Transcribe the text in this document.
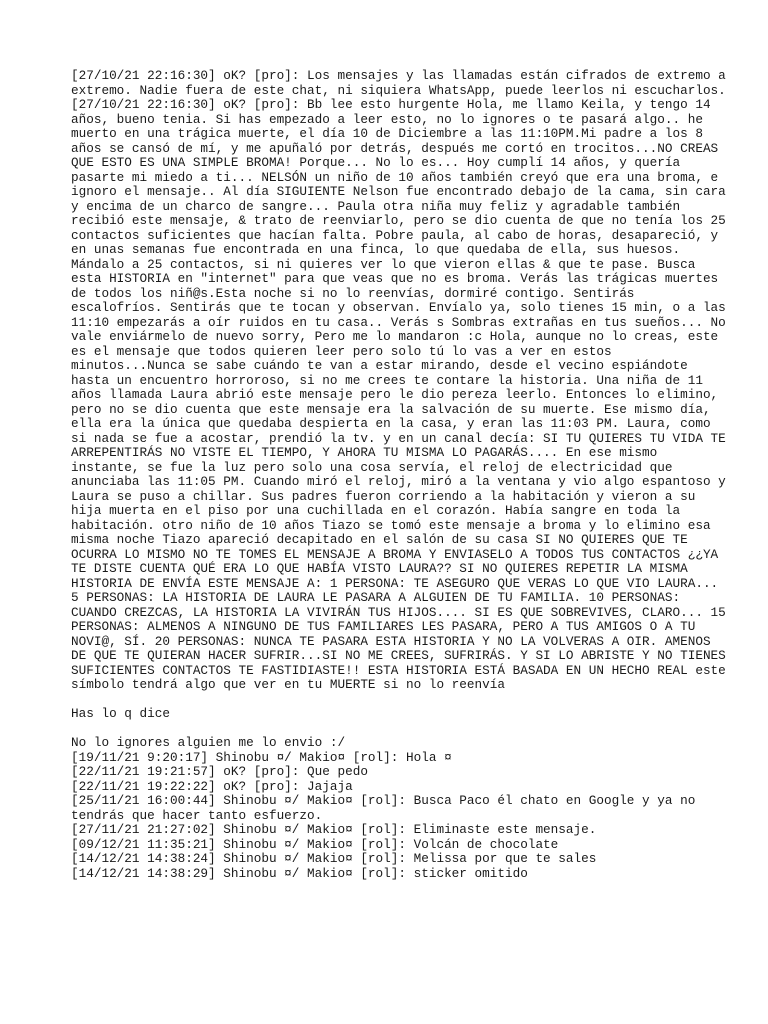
[27/10/21 22:16:30] oK? [pro]: Los mensajes y las llamadas están cifrados de extremo a extremo. Nadie fuera de este chat, ni siquiera WhatsApp, puede leerlos ni escucharlos.
[27/10/21 22:16:30] oK? [pro]: Bb lee esto hurgente Hola, me llamo Keila, y tengo 14 años, bueno tenia. Si has empezado a leer esto, no lo ignores o te pasará algo.. he muerto en una trágica muerte, el día 10 de Diciembre a las 11:10PM.Mi padre a los 8 años se cansó de mí, y me apuñaló por detrás, después me cortó en trocitos...NO CREAS QUE ESTO ES UNA SIMPLE BROMA! Porque... No lo es... Hoy cumplí 14 años, y quería pasarte mi miedo a ti... NELSÓN un niño de 10 años también creyó que era una broma, e ignoro el mensaje.. Al día SIGUIENTE Nelson fue encontrado debajo de la cama, sin cara y encima de un charco de sangre... Paula otra niña muy feliz y agradable también recibió este mensaje, & trato de reenviarlo, pero se dio cuenta de que no tenía los 25 contactos suficientes que hacían falta. Pobre paula, al cabo de horas, desapareció, y en unas semanas fue encontrada en una finca, lo que quedaba de ella, sus huesos. Mándalo a 25 contactos, si ni quieres ver lo que vieron ellas & que te pase. Busca esta HISTORIA en "internet" para que veas que no es broma. Verás las trágicas muertes de todos los niñ@s.Esta noche si no lo reenvías, dormiré contigo. Sentirás escalofríos. Sentirás que te tocan y observan. Envíalo ya, solo tienes 15 min, o a las 11:10 empezarás a oír ruidos en tu casa.. Verás s Sombras extrañas en tus sueños... No vale enviármelo de nuevo sorry, Pero me lo mandaron :c Hola, aunque no lo creas, este es el mensaje que todos quieren leer pero solo tú lo vas a ver en estos minutos...Nunca se sabe cuándo te van a estar mirando, desde el vecino espiándote hasta un encuentro horroroso, si no me crees te contare la historia. Una niña de 11 años llamada Laura abrió este mensaje pero le dio pereza leerlo. Entonces lo elimino, pero no se dio cuenta que este mensaje era la salvación de su muerte. Ese mismo día, ella era la única que quedaba despierta en la casa, y eran las 11:03 PM. Laura, como si nada se fue a acostar, prendió la tv. y en un canal decía: SI TU QUIERES TU VIDA TE ARREPENTIRÁS NO VISTE EL TIEMPO, Y AHORA TU MISMA LO PAGARÁS.... En ese mismo instante, se fue la luz pero solo una cosa servía, el reloj de electricidad que anunciaba las 11:05 PM. Cuando miró el reloj, miró a la ventana y vio algo espantoso y Laura se puso a chillar. Sus padres fueron corriendo a la habitación y vieron a su hija muerta en el piso por una cuchillada en el corazón. Había sangre en toda la habitación. otro niño de 10 años Tiazo se tomó este mensaje a broma y lo elimino esa misma noche Tiazo apareció decapitado en el salón de su casa SI NO QUIERES QUE TE OCURRA LO MISMO NO TE TOMES EL MENSAJE A BROMA Y ENVIASELO A TODOS TUS CONTACTOS ¿¿YA TE DISTE CUENTA QUÉ ERA LO QUE HABÍA VISTO LAURA?? SI NO QUIERES REPETIR LA MISMA HISTORIA DE ENVÍA ESTE MENSAJE A: 1 PERSONA: TE ASEGURO QUE VERAS LO QUE VIO LAURA... 5 PERSONAS: LA HISTORIA DE LAURA LE PASARA A ALGUIEN DE TU FAMILIA. 10 PERSONAS: CUANDO CREZCAS, LA HISTORIA LA VIVIRÁN TUS HIJOS.... SI ES QUE SOBREVIVES, CLARO... 15 PERSONAS: ALMENOS A NINGUNO DE TUS FAMILIARES LES PASARA, PERO A TUS AMIGOS O A TU NOVI@, SÍ. 20 PERSONAS: NUNCA TE PASARA ESTA HISTORIA Y NO LA VOLVERAS A OIR. AMENOS DE QUE TE QUIERAN HACER SUFRIR...SI NO ME CREES, SUFRIRÁS. Y SI LO ABRISTE Y NO TIENES SUFICIENTES CONTACTOS TE FASTIDIASTE!! ESTA HISTORIA ESTÁ BASADA EN UN HECHO REAL este símbolo tendrá algo que ver en tu MUERTE si no lo reenvía

Has lo q dice

No lo ignores alguien me lo envio :/

[19/11/21 9:20:17] Shinobu ¤/ Makio¤ [rol]: Hola ¤

[22/11/21 19:21:57] oK? [pro]: Que pedo

[22/11/21 19:22:22] oK? [pro]: Jajaja

[25/11/21 16:00:44] Shinobu ¤/ Makio¤ [rol]: Busca Paco él chato en Google y ya no tendrás que hacer tanto esfuerzo.

[27/11/21 21:27:02] Shinobu ¤/ Makio¤ [rol]: Eliminaste este mensaje.

[09/12/21 11:35:21] Shinobu ¤/ Makio¤ [rol]: Volcán de chocolate

[14/12/21 14:38:24] Shinobu ¤/ Makio¤ [rol]: Melissa por que te sales

[14/12/21 14:38:29] Shinobu ¤/ Makio¤ [rol]: sticker omitido
